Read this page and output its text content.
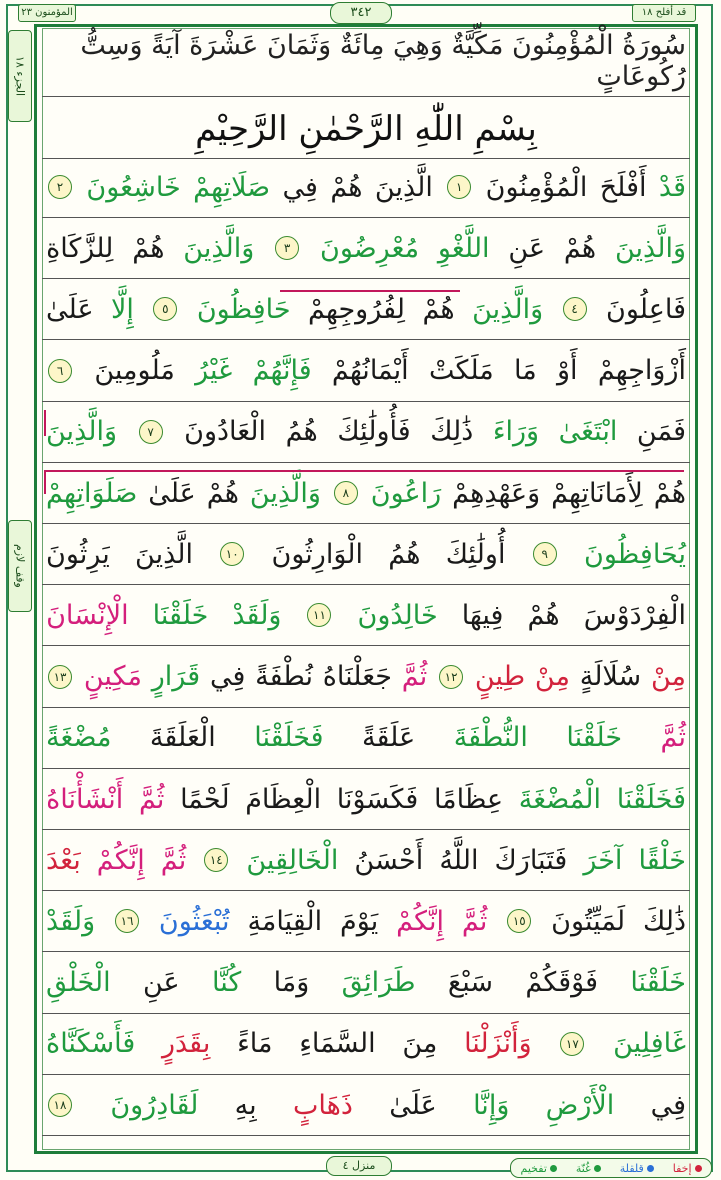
المؤمنون ٢٣	٣٤٢	قد أفلح ١٨
الجزء ١٨
وقف لازم
سُورَةُ الْمُؤْمِنُونَ مَكِّيَّةٌ وَهِيَ مِائَةٌ وَثَمَانَ عَشْرَةَ آيَةً وَسِتُّ رُكُوعَاتٍ
بِسْمِ اللّٰهِ الرَّحْمٰنِ الرَّحِيْمِ
قَدْ
أَفْلَحَ
الْمُؤْمِنُونَ
١
الَّذِينَ
هُمْ
فِي
صَلَاتِهِمْ
خَاشِعُونَ
٢
وَالَّذِينَ
هُمْ
عَنِ
اللَّغْوِ
مُعْرِضُونَ
٣
وَالَّذِينَ
هُمْ
لِلزَّكَاةِ
فَاعِلُونَ
٤
وَالَّذِينَ
هُمْ
لِفُرُوجِهِمْ
حَافِظُونَ
٥
إِلَّا
عَلَىٰ
أَزْوَاجِهِمْ
أَوْ
مَا
مَلَكَتْ
أَيْمَانُهُمْ
فَإِنَّهُمْ
غَيْرُ
مَلُومِينَ
٦
فَمَنِ
ابْتَغَىٰ
وَرَاءَ
ذَٰلِكَ
فَأُولَٰئِكَ
هُمُ
الْعَادُونَ
٧
وَالَّذِينَ
هُمْ
لِأَمَانَاتِهِمْ
وَعَهْدِهِمْ
رَاعُونَ
٨
وَالَّذِينَ
هُمْ
عَلَىٰ
صَلَوَاتِهِمْ
يُحَافِظُونَ
٩
أُولَٰئِكَ
هُمُ
الْوَارِثُونَ
١٠
الَّذِينَ
يَرِثُونَ
الْفِرْدَوْسَ
هُمْ
فِيهَا
خَالِدُونَ
١١
وَلَقَدْ
خَلَقْنَا
الْإِنْسَانَ
مِنْ
سُلَالَةٍ
مِنْ
طِينٍ
١٢
ثُمَّ
جَعَلْنَاهُ
نُطْفَةً
فِي
قَرَارٍ
مَكِينٍ
١٣
ثُمَّ
خَلَقْنَا
النُّطْفَةَ
عَلَقَةً
فَخَلَقْنَا
الْعَلَقَةَ
مُضْغَةً
فَخَلَقْنَا
الْمُضْغَةَ
عِظَامًا
فَكَسَوْنَا
الْعِظَامَ
لَحْمًا
ثُمَّ
أَنْشَأْنَاهُ
خَلْقًا
آخَرَ
فَتَبَارَكَ
اللَّهُ
أَحْسَنُ
الْخَالِقِينَ
١٤
ثُمَّ
إِنَّكُمْ
بَعْدَ
ذَٰلِكَ
لَمَيِّتُونَ
١٥
ثُمَّ
إِنَّكُمْ
يَوْمَ
الْقِيَامَةِ
تُبْعَثُونَ
١٦
وَلَقَدْ
خَلَقْنَا
فَوْقَكُمْ
سَبْعَ
طَرَائِقَ
وَمَا
كُنَّا
عَنِ
الْخَلْقِ
غَافِلِينَ
١٧
وَأَنْزَلْنَا
مِنَ
السَّمَاءِ
مَاءً
بِقَدَرٍ
فَأَسْكَنَّاهُ
فِي
الْأَرْضِ
وَإِنَّا
عَلَىٰ
ذَهَابٍ
بِهِ
لَقَادِرُونَ
١٨
منزل ٤	إخفا
قلقلة
غُنّة
تفخيم
